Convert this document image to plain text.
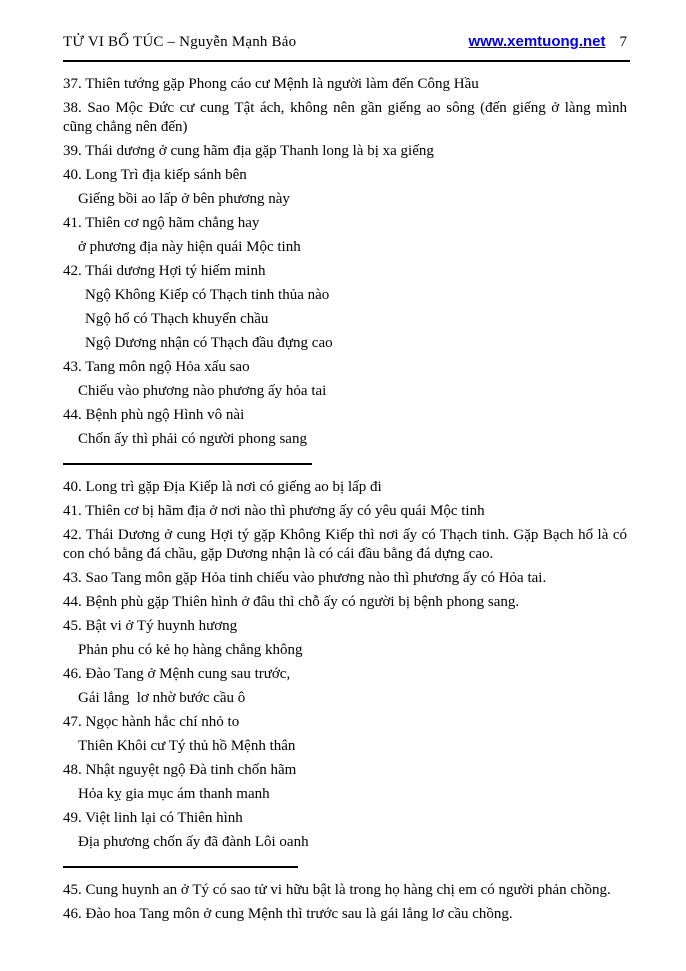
TỬ VI BỔ TÚC – Nguyễn Mạnh Bảo	www.xemtuong.net 7

37. Thiên tướng gặp Phong cáo cư Mệnh là người làm đến Công Hầu

38. Sao Mộc Đức cư cung Tật ách, không nên gần giếng ao sông (đến giếng ở làng mình cũng chẳng nên đến)

39. Thái dương ở cung hãm địa gặp Thanh long là bị xa giếng

40. Long Trì địa kiếp sánh bên

Giếng bồi ao lấp ở bên phương này

41. Thiên cơ ngộ hãm chẳng hay

ở phương địa này hiện quái Mộc tinh

42. Thái dương Hợi tý hiếm minh

Ngộ Không Kiếp có Thạch tinh thủa nào

Ngộ hổ có Thạch khuyển chầu

Ngộ Dương nhận có Thạch đầu đựng cao

43. Tang môn ngộ Hỏa xấu sao

Chiếu vào phương nào phương ấy hỏa tai

44. Bệnh phù ngộ Hình vô nài

Chốn ấy thì phải có người phong sang

40. Long trì gặp Địa Kiếp là nơi có giếng ao bị lấp đi

41. Thiên cơ bị hãm địa ở nơi nào thì phương ấy có yêu quái Mộc tinh

42. Thái Dương ở cung Hợi tý gặp Không Kiếp thì nơi ấy có Thạch tinh. Gặp Bạch hổ là có con chó bằng đá chầu, gặp Dương nhận là có cái đầu bằng đá dựng cao.

43. Sao Tang môn gặp Hỏa tinh chiếu vào phương nào thì phương ấy có Hỏa tai.

44. Bệnh phù gặp Thiên hình ở đâu thì chỗ ấy có người bị bệnh phong sang.

45. Bật vi ở Tý huynh hương

Phản phu có kẻ họ hàng chẳng không

46. Đào Tang ở Mệnh cung sau trước,

Gái lẳng  lơ nhờ bước cầu ô

47. Ngọc hành hắc chí nhỏ to

Thiên Khôi cư Tý thủ hồ Mệnh thân

48. Nhật nguyệt ngộ Đà tinh chốn hãm

Hỏa kỵ gia mục ám thanh manh

49. Việt linh lại có Thiên hình

Địa phương chốn ấy đã đành Lôi oanh

45. Cung huynh an ở Tý có sao tử vi hữu bật là trong họ hàng chị em có người phản chồng.

46. Đào hoa Tang môn ở cung Mệnh thì trước sau là gái lẳng lơ cầu chồng.
